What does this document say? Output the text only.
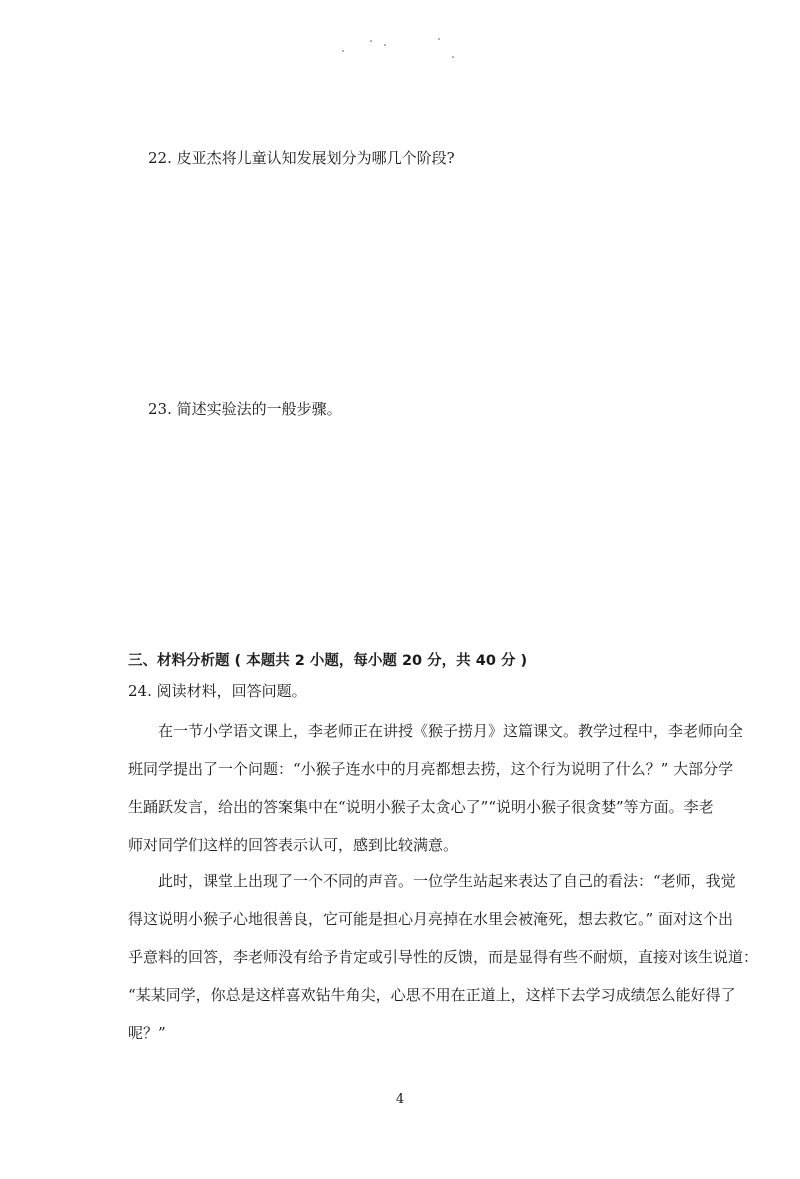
22. 皮亚杰将儿童认知发展划分为哪几个阶段?
23. 简述实验法的一般步骤。
三、材料分析题 ( 本题共 2 小题，每小题 20 分，共 40 分 )
24. 阅读材料，回答问题。
在一节小学语文课上，李老师正在讲授《猴子捞月》这篇课文。教学过程中，李老师向全
班同学提出了一个问题：“小猴子连水中的月亮都想去捞，这个行为说明了什么？” 大部分学
生踊跃发言，给出的答案集中在“说明小猴子太贪心了”“说明小猴子很贪婪”等方面。李老
师对同学们这样的回答表示认可，感到比较满意。
此时，课堂上出现了一个不同的声音。一位学生站起来表达了自己的看法：“老师，我觉
得这说明小猴子心地很善良，它可能是担心月亮掉在水里会被淹死，想去救它。” 面对这个出
乎意料的回答，李老师没有给予肯定或引导性的反馈，而是显得有些不耐烦，直接对该生说道：
“某某同学，你总是这样喜欢钻牛角尖，心思不用在正道上，这样下去学习成绩怎么能好得了
呢？”
4
